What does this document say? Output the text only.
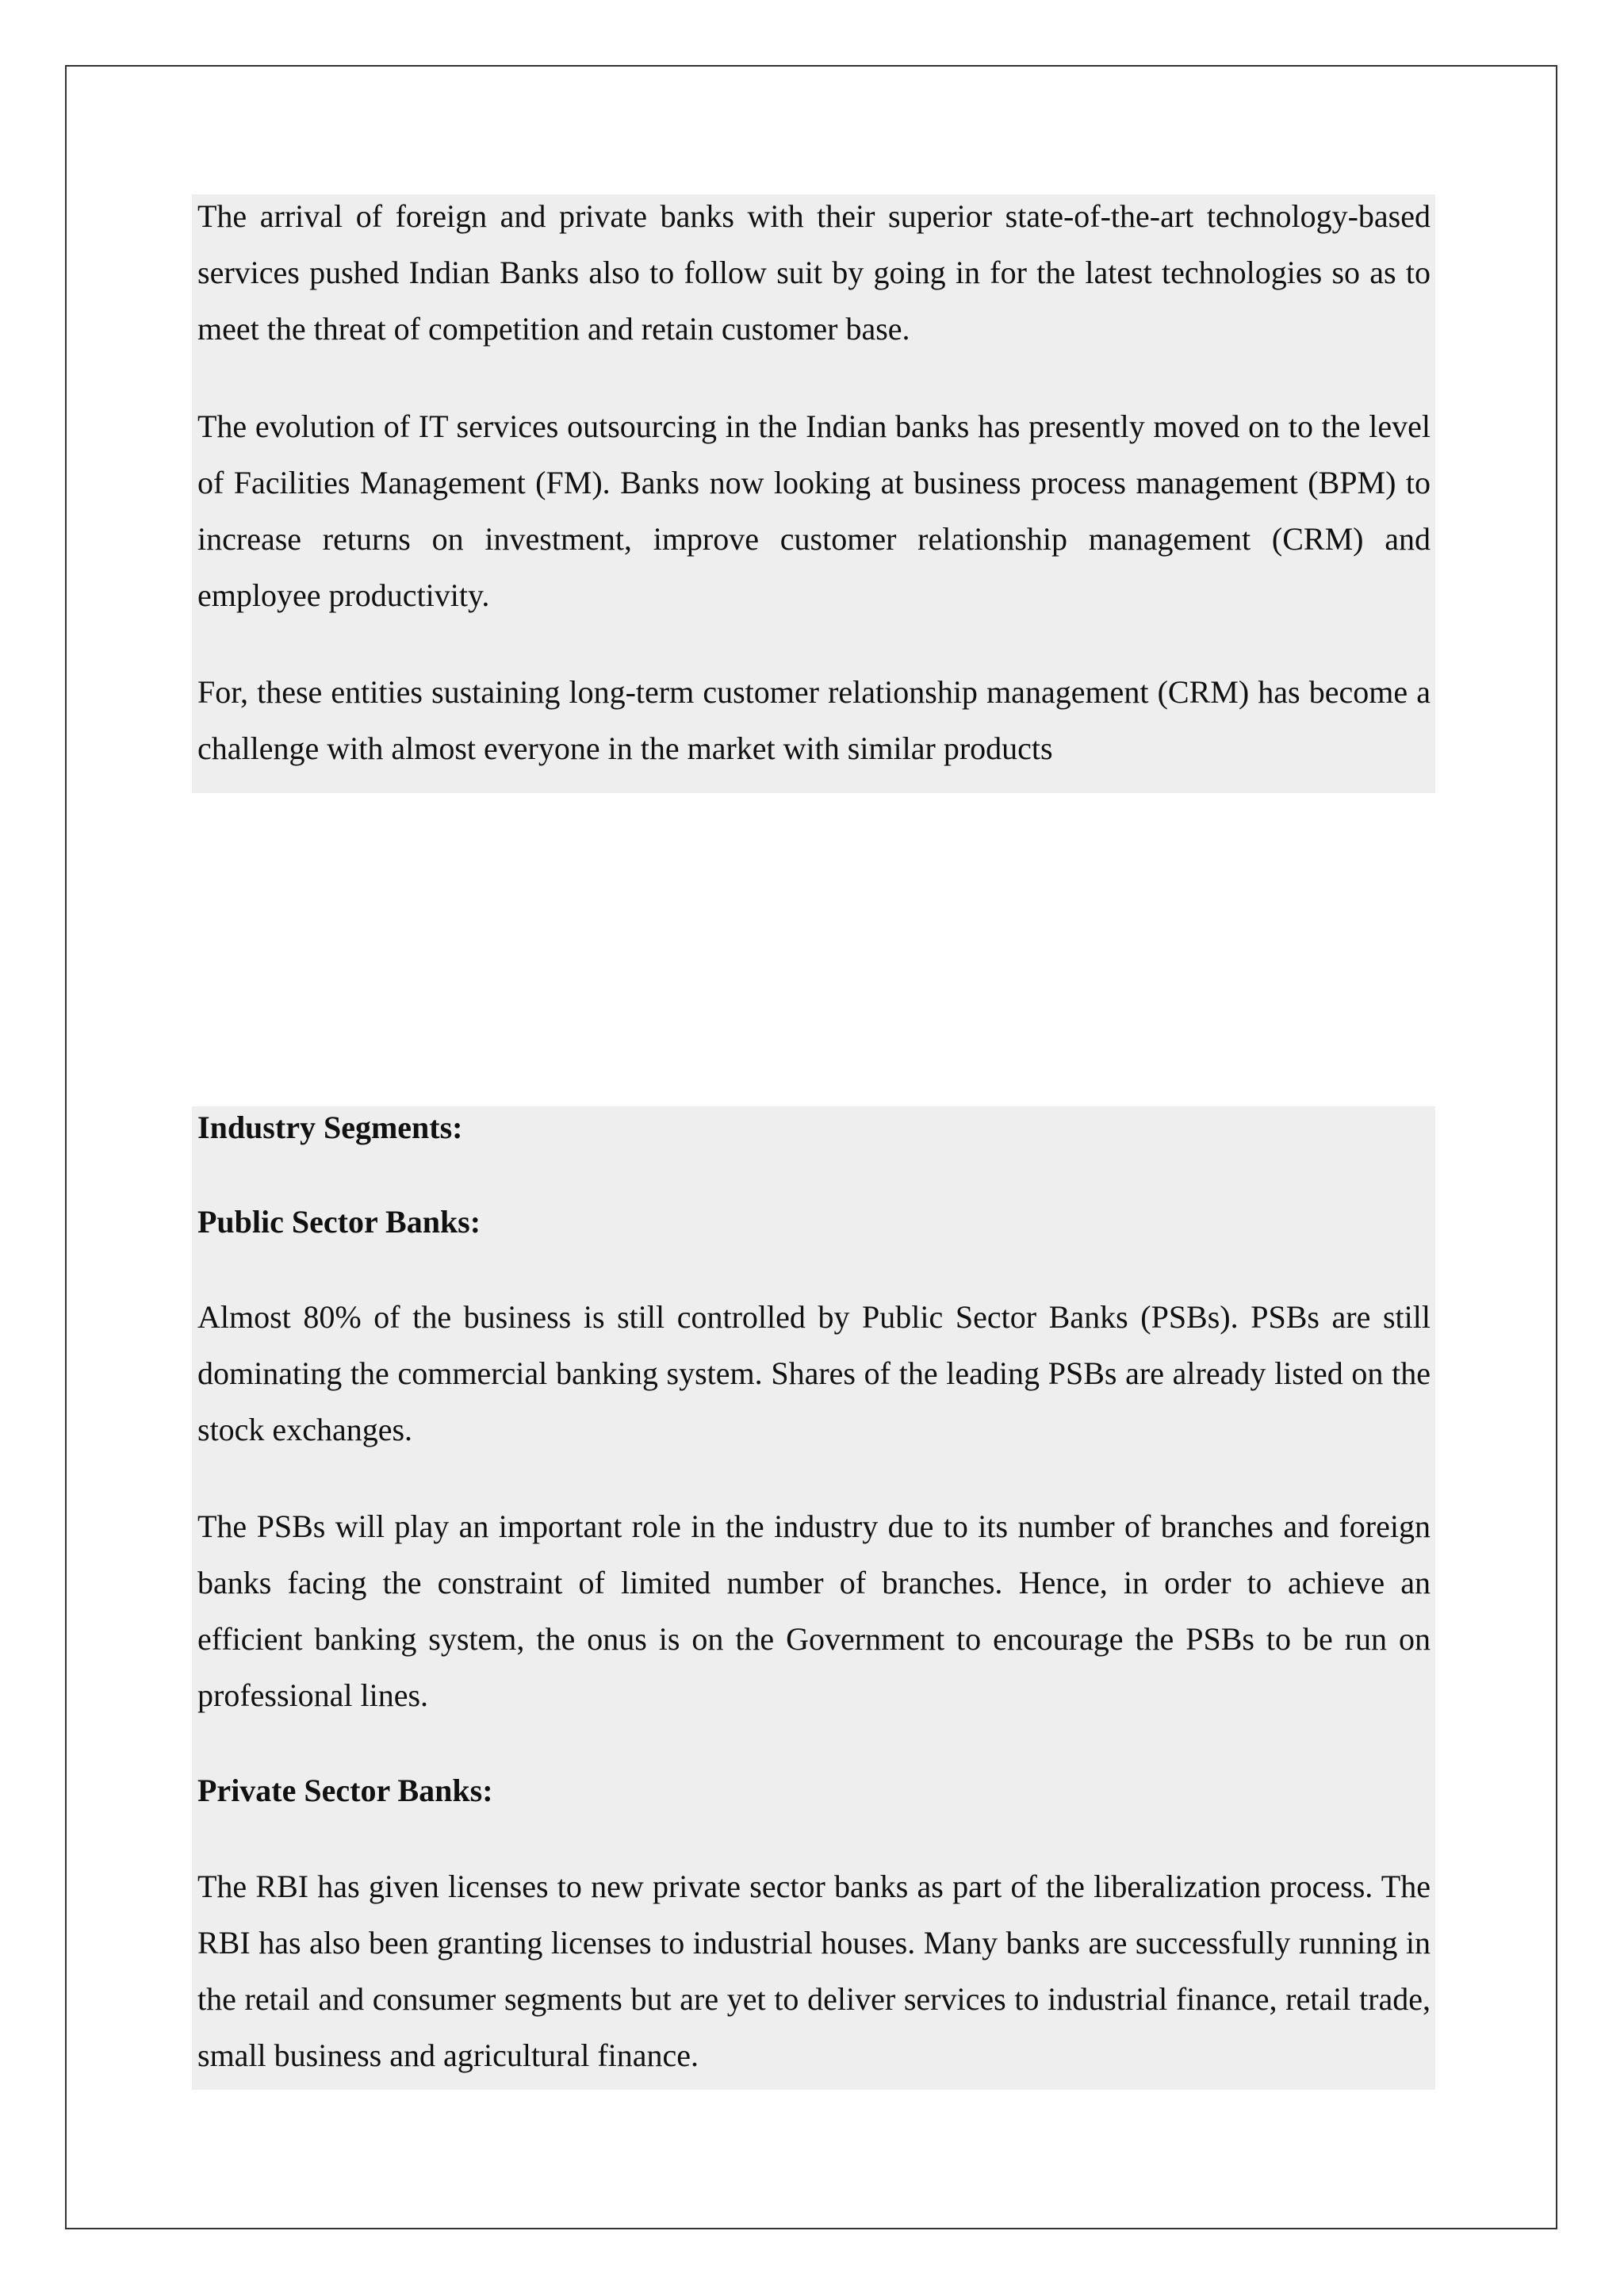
The arrival of foreign and private banks with their superior state-of-the-art technology-based services pushed Indian Banks also to follow suit by going in for the latest technologies so as to meet the threat of competition and retain customer base.

The evolution of IT services outsourcing in the Indian banks has presently moved on to the level of Facilities Management (FM). Banks now looking at business process management (BPM) to increase returns on investment, improve customer relationship management (CRM) and employee productivity.

For, these entities sustaining long-term customer relationship management (CRM) has become a challenge with almost everyone in the market with similar products

Industry Segments:
Public Sector Banks:

Almost 80% of the business is still controlled by Public Sector Banks (PSBs). PSBs are still dominating the commercial banking system. Shares of the leading PSBs are already listed on the stock exchanges.

The PSBs will play an important role in the industry due to its number of branches and foreign banks facing the constraint of limited number of branches. Hence, in order to achieve an efficient banking system, the onus is on the Government to encourage the PSBs to be run on professional lines.

Private Sector Banks:

The RBI has given licenses to new private sector banks as part of the liberalization process. The RBI has also been granting licenses to industrial houses. Many banks are successfully running in the retail and consumer segments but are yet to deliver services to industrial finance, retail trade, small business and agricultural finance.
